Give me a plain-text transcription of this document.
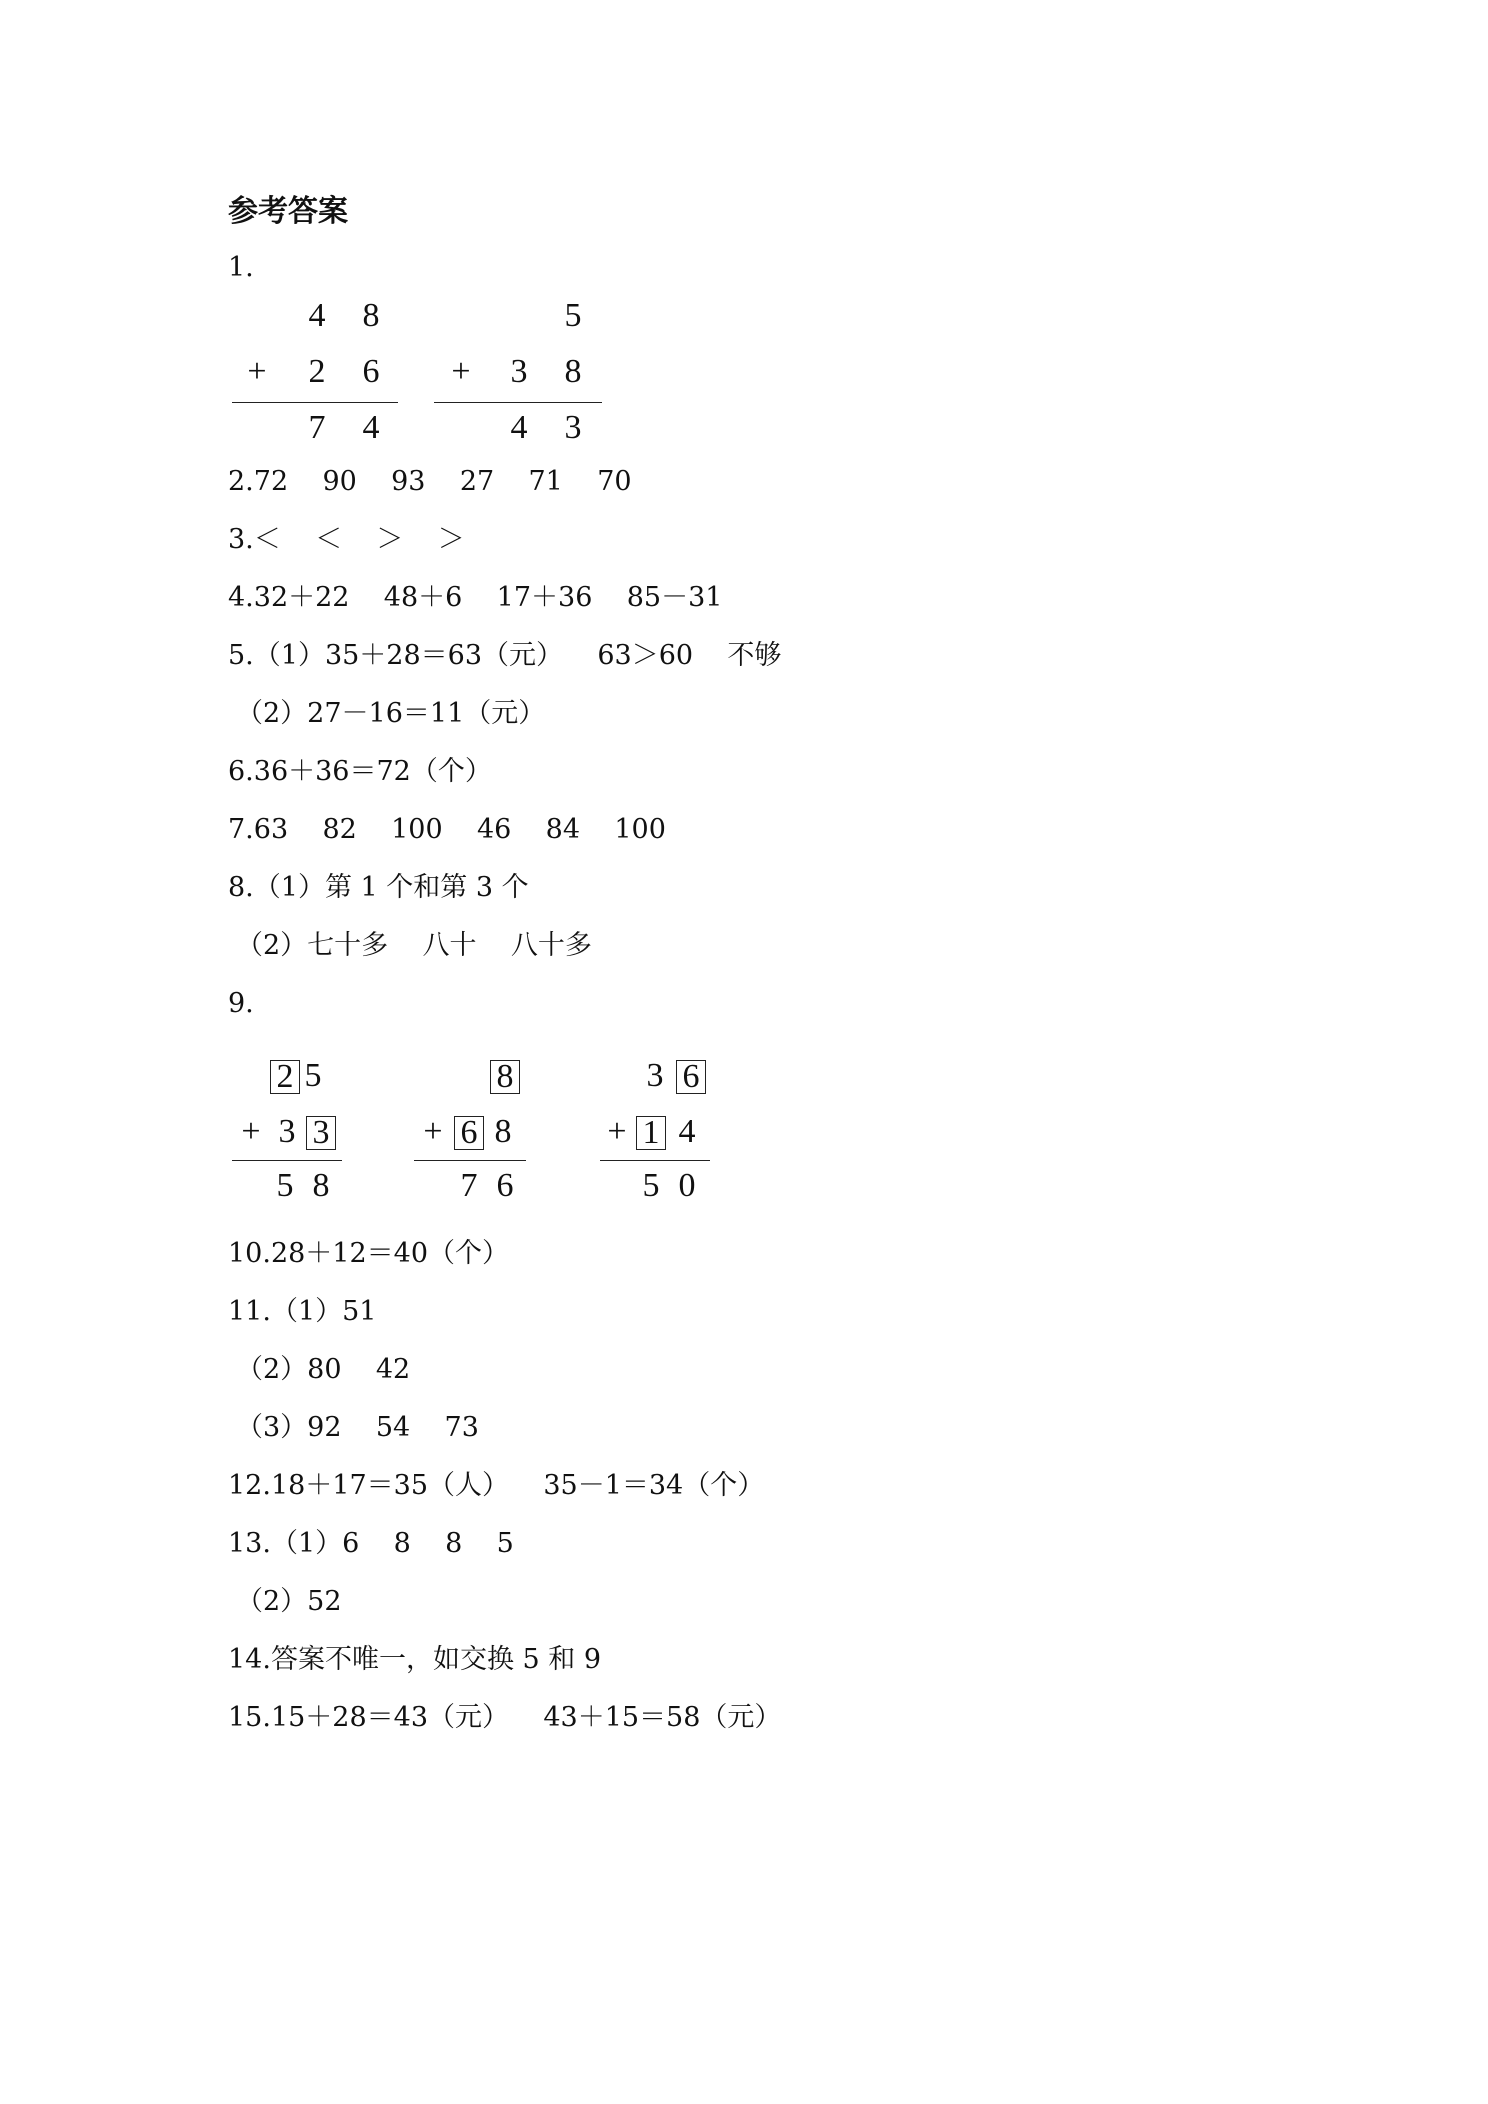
参考答案
1.
4 8
+ 2 6
7 4
5
+ 3 8
4 3
2.72    90    93    27    71    70
3.＜    ＜    ＞    ＞
4.32＋22    48＋6    17＋36    85－31
5.（1）35＋28＝63（元）    63＞60    不够
（2）27－16＝11（元）
6.36＋36＝72（个）
7.63    82    100    46    84    100
8.（1）第 1 个和第 3 个
（2）七十多    八十    八十多
9.
2 5
+ 3 3
5 8
8
+ 6 8
7 6
3 6
+ 1 4
5 0
10.28＋12＝40（个）
11.（1）51
（2）80    42
（3）92    54    73
12.18＋17＝35（人）    35－1＝34（个）
13.（1）6    8    8    5
（2）52
14.答案不唯一，如交换 5 和 9
15.15＋28＝43（元）    43＋15＝58（元）
